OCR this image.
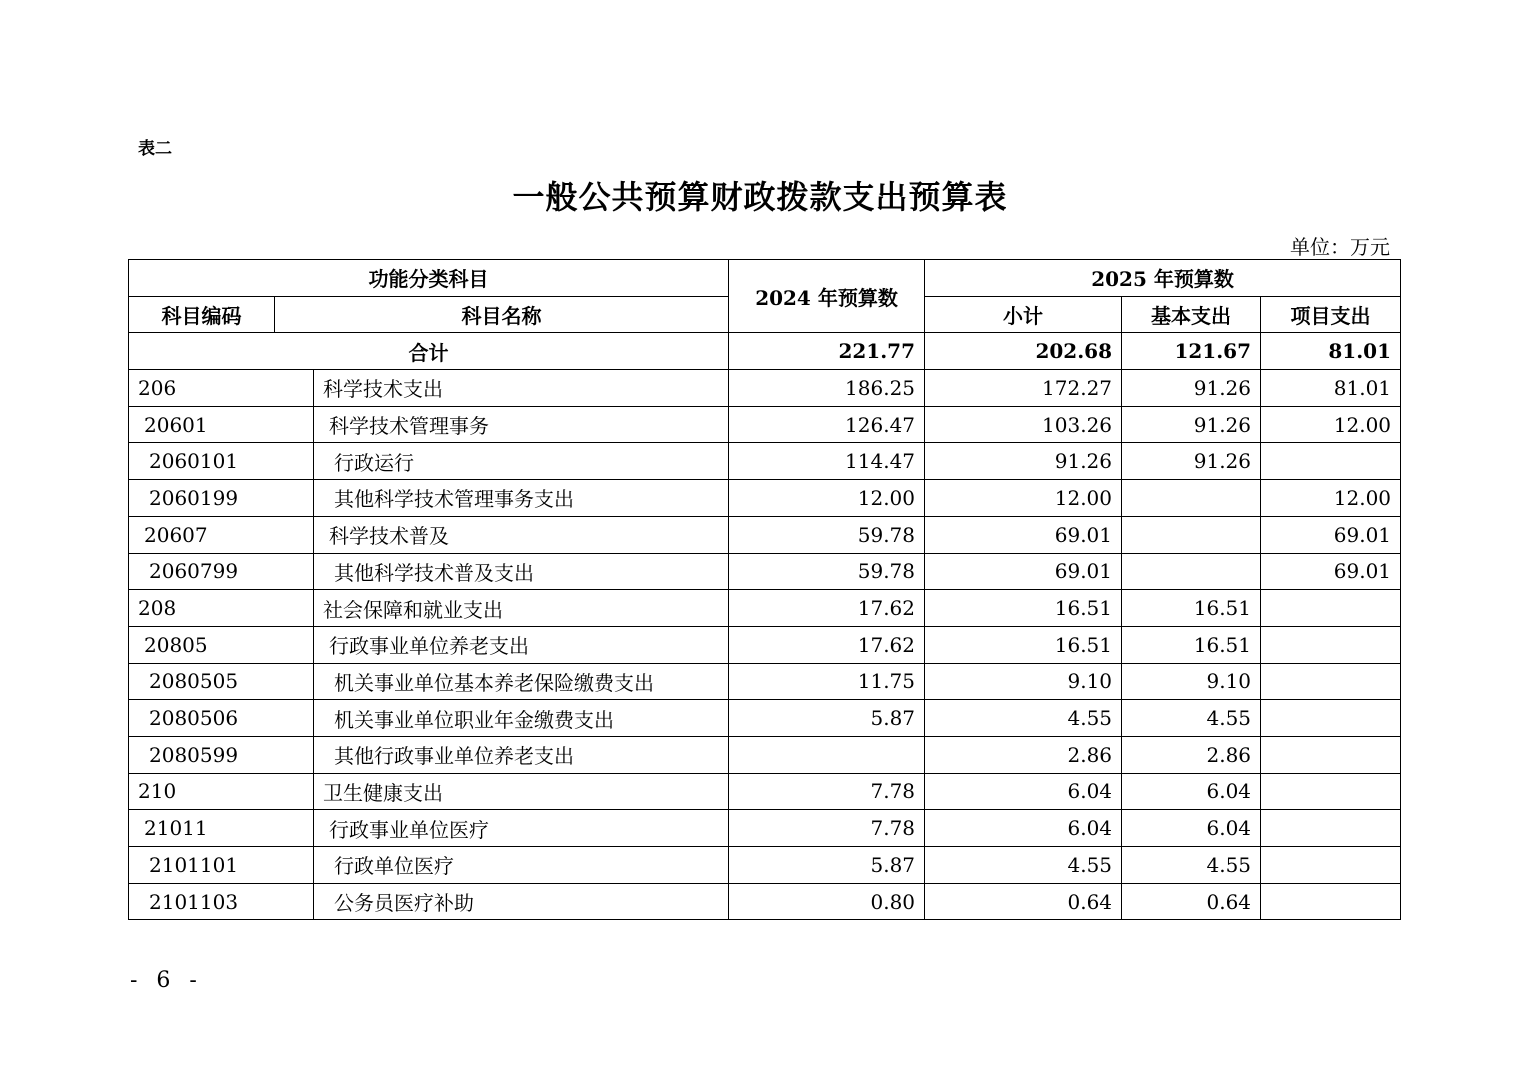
表二
一般公共预算财政拨款支出预算表
单位：万元
功能分类科目			2024 年预算数	2025 年预算数		
科目编码	科目名称			小计	基本支出	项目支出
合计			221.77	202.68	121.67	81.01
206		科学技术支出	186.25	172.27	91.26	81.01
20601		科学技术管理事务	126.47	103.26	91.26	12.00
2060101		行政运行	114.47	91.26	91.26	
2060199		其他科学技术管理事务支出	12.00	12.00		12.00
20607		科学技术普及	59.78	69.01		69.01
2060799		其他科学技术普及支出	59.78	69.01		69.01
208		社会保障和就业支出	17.62	16.51	16.51	
20805		行政事业单位养老支出	17.62	16.51	16.51	
2080505		机关事业单位基本养老保险缴费支出	11.75	9.10	9.10	
2080506		机关事业单位职业年金缴费支出	5.87	4.55	4.55	
2080599		其他行政事业单位养老支出		2.86	2.86	
210		卫生健康支出	7.78	6.04	6.04	
21011		行政事业单位医疗	7.78	6.04	6.04	
2101101		行政单位医疗	5.87	4.55	4.55	
2101103		公务员医疗补助	0.80	0.64	0.64	
- 6 -
